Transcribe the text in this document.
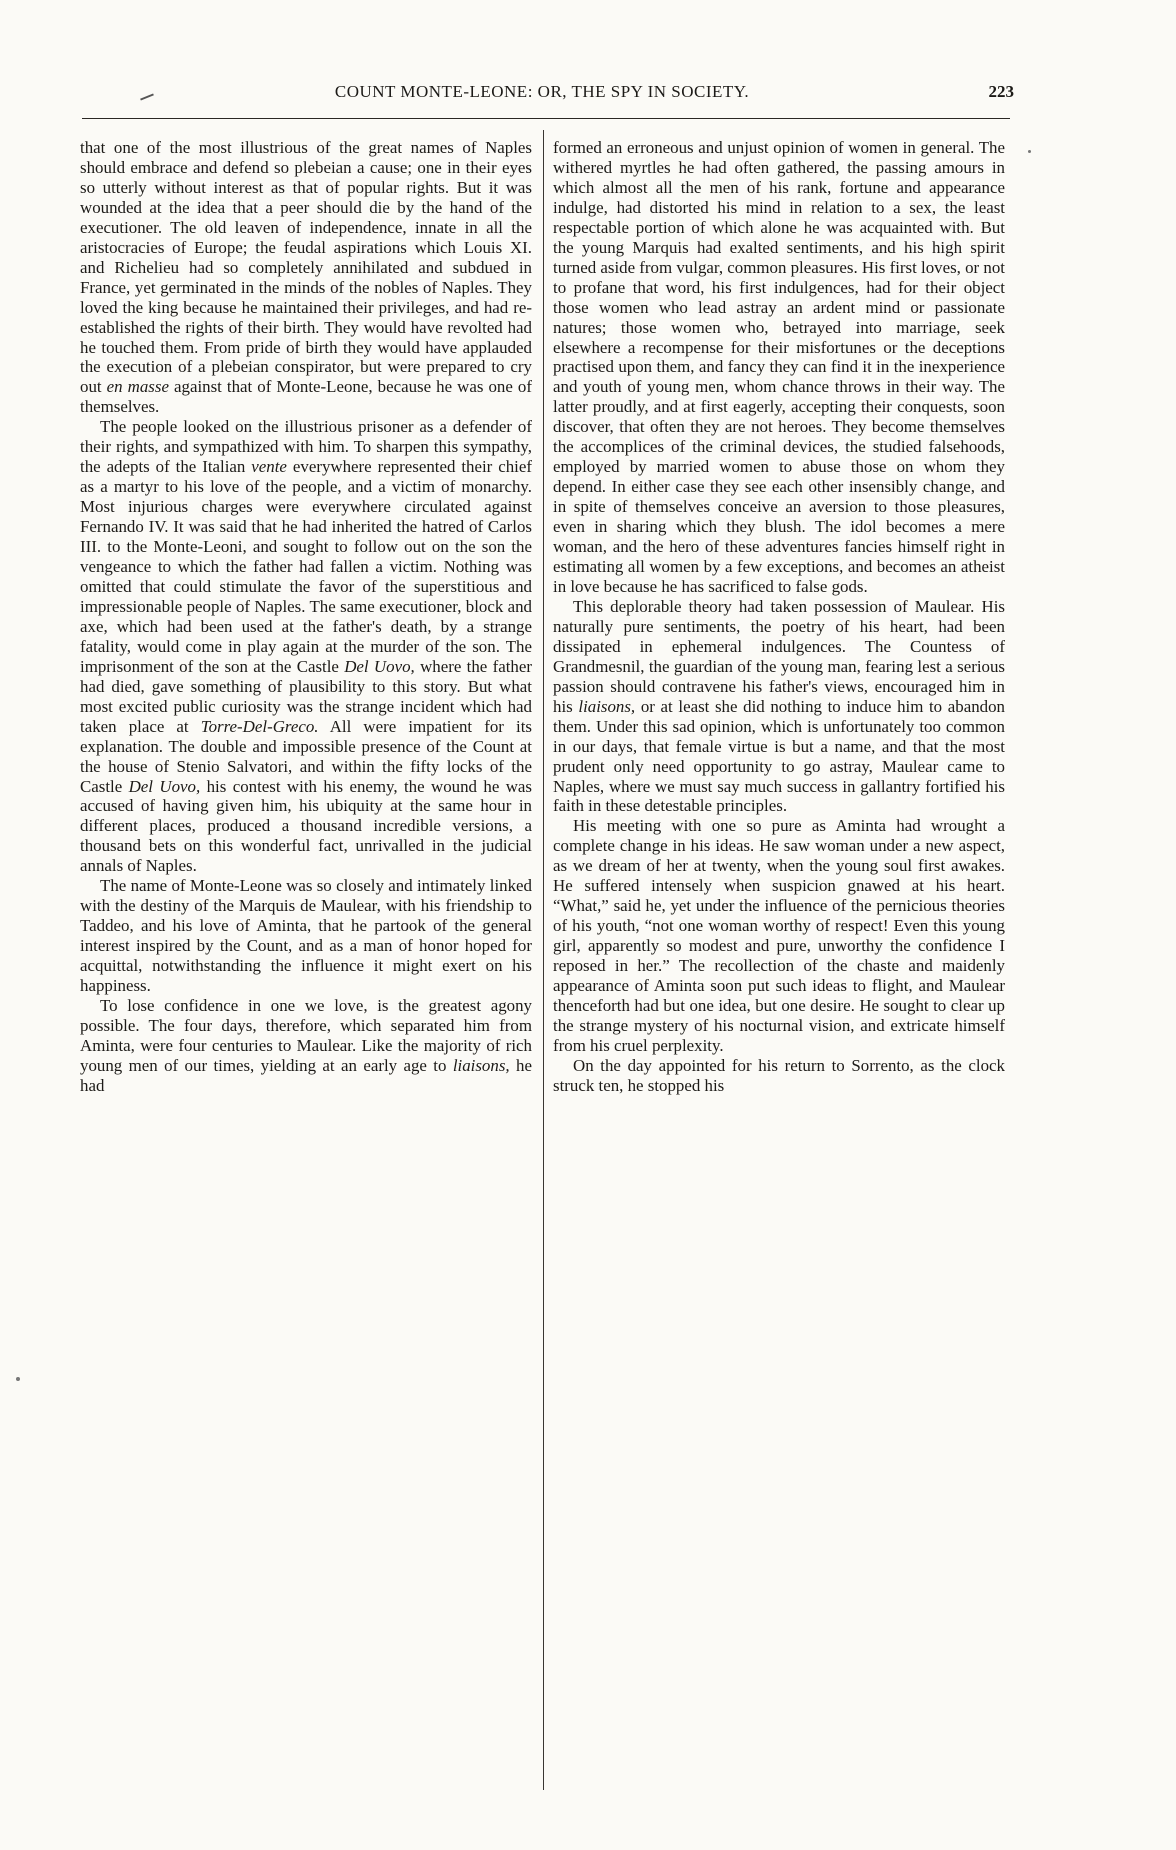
COUNT MONTE-LEONE: OR, THE SPY IN SOCIETY.	223

that one of the most illustrious of the great names of Naples should embrace and defend so plebeian a cause; one in their eyes so utterly without interest as that of popular rights. But it was wounded at the idea that a peer should die by the hand of the executioner. The old leaven of independence, innate in all the aristocracies of Europe; the feudal aspirations which Louis XI. and Richelieu had so completely annihilated and subdued in France, yet germinated in the minds of the nobles of Naples. They loved the king because he maintained their privileges, and had re-established the rights of their birth. They would have revolted had he touched them. From pride of birth they would have applauded the execution of a plebeian conspirator, but were prepared to cry out en masse against that of Monte-Leone, because he was one of themselves.

The people looked on the illustrious prisoner as a defender of their rights, and sympathized with him. To sharpen this sympathy, the adepts of the Italian vente everywhere represented their chief as a martyr to his love of the people, and a victim of monarchy. Most injurious charges were everywhere circulated against Fernando IV. It was said that he had inherited the hatred of Carlos III. to the Monte-Leoni, and sought to follow out on the son the vengeance to which the father had fallen a victim. Nothing was omitted that could stimulate the favor of the superstitious and impressionable people of Naples. The same executioner, block and axe, which had been used at the father's death, by a strange fatality, would come in play again at the murder of the son. The imprisonment of the son at the Castle Del Uovo, where the father had died, gave something of plausibility to this story. But what most excited public curiosity was the strange incident which had taken place at Torre-Del-Greco. All were impatient for its explanation. The double and impossible presence of the Count at the house of Stenio Salvatori, and within the fifty locks of the Castle Del Uovo, his contest with his enemy, the wound he was accused of having given him, his ubiquity at the same hour in different places, produced a thousand incredible versions, a thousand bets on this wonderful fact, unrivalled in the judicial annals of Naples.

The name of Monte-Leone was so closely and intimately linked with the destiny of the Marquis de Maulear, with his friendship to Taddeo, and his love of Aminta, that he partook of the general interest inspired by the Count, and as a man of honor hoped for acquittal, notwithstanding the influence it might exert on his happiness.

To lose confidence in one we love, is the greatest agony possible. The four days, therefore, which separated him from Aminta, were four centuries to Maulear. Like the majority of rich young men of our times, yielding at an early age to liaisons, he had

formed an erroneous and unjust opinion of women in general. The withered myrtles he had often gathered, the passing amours in which almost all the men of his rank, fortune and appearance indulge, had distorted his mind in relation to a sex, the least respectable portion of which alone he was acquainted with. But the young Marquis had exalted sentiments, and his high spirit turned aside from vulgar, common pleasures. His first loves, or not to profane that word, his first indulgences, had for their object those women who lead astray an ardent mind or passionate natures; those women who, betrayed into marriage, seek elsewhere a recompense for their misfortunes or the deceptions practised upon them, and fancy they can find it in the inexperience and youth of young men, whom chance throws in their way. The latter proudly, and at first eagerly, accepting their conquests, soon discover, that often they are not heroes. They become themselves the accomplices of the criminal devices, the studied falsehoods, employed by married women to abuse those on whom they depend. In either case they see each other insensibly change, and in spite of themselves conceive an aversion to those pleasures, even in sharing which they blush. The idol becomes a mere woman, and the hero of these adventures fancies himself right in estimating all women by a few exceptions, and becomes an atheist in love because he has sacrificed to false gods.

This deplorable theory had taken possession of Maulear. His naturally pure sentiments, the poetry of his heart, had been dissipated in ephemeral indulgences. The Countess of Grandmesnil, the guardian of the young man, fearing lest a serious passion should contravene his father's views, encouraged him in his liaisons, or at least she did nothing to induce him to abandon them. Under this sad opinion, which is unfortunately too common in our days, that female virtue is but a name, and that the most prudent only need opportunity to go astray, Maulear came to Naples, where we must say much success in gallantry fortified his faith in these detestable principles.

His meeting with one so pure as Aminta had wrought a complete change in his ideas. He saw woman under a new aspect, as we dream of her at twenty, when the young soul first awakes. He suffered intensely when suspicion gnawed at his heart. “What,” said he, yet under the influence of the pernicious theories of his youth, “not one woman worthy of respect! Even this young girl, apparently so modest and pure, unworthy the confidence I reposed in her.” The recollection of the chaste and maidenly appearance of Aminta soon put such ideas to flight, and Maulear thenceforth had but one idea, but one desire. He sought to clear up the strange mystery of his nocturnal vision, and extricate himself from his cruel perplexity.

On the day appointed for his return to Sorrento, as the clock struck ten, he stopped his
